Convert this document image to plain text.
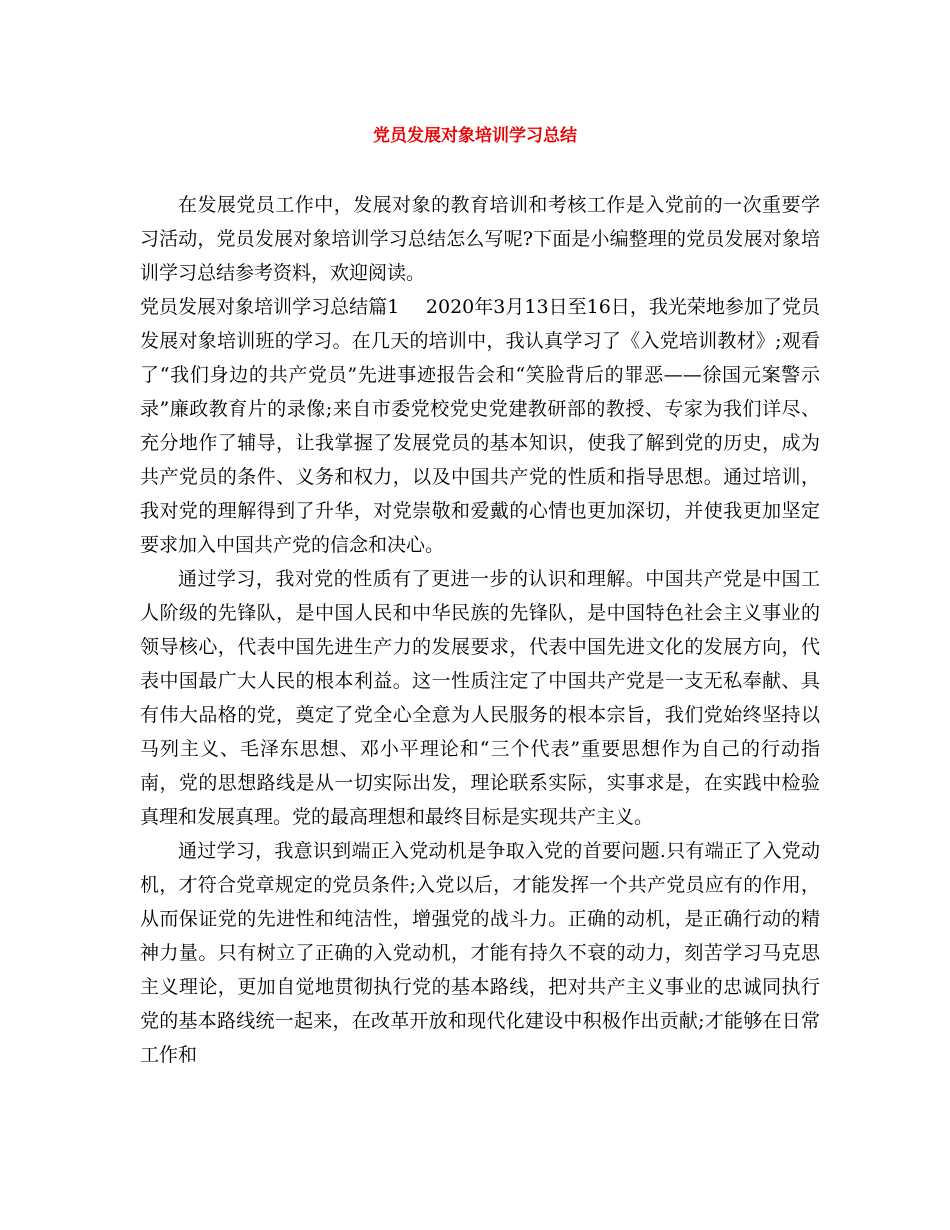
党员发展对象培训学习总结

在发展党员工作中，发展对象的教育培训和考核工作是入党前的一次重要学习活动，党员发展对象培训学习总结怎么写呢?下面是小编整理的党员发展对象培训学习总结参考资料，欢迎阅读。

党员发展对象培训学习总结篇1 2020年3月13日至16日，我光荣地参加了党员发展对象培训班的学习。在几天的培训中，我认真学习了《入党培训教材》;观看了“我们身边的共产党员”先进事迹报告会和“笑脸背后的罪恶——徐国元案警示录”廉政教育片的录像;来自市委党校党史党建教研部的教授、专家为我们详尽、充分地作了辅导，让我掌握了发展党员的基本知识，使我了解到党的历史，成为共产党员的条件、义务和权力，以及中国共产党的性质和指导思想。通过培训，我对党的理解得到了升华，对党崇敬和爱戴的心情也更加深切，并使我更加坚定要求加入中国共产党的信念和决心。

通过学习，我对党的性质有了更进一步的认识和理解。中国共产党是中国工人阶级的先锋队，是中国人民和中华民族的先锋队，是中国特色社会主义事业的领导核心，代表中国先进生产力的发展要求，代表中国先进文化的发展方向，代表中国最广大人民的根本利益。这一性质注定了中国共产党是一支无私奉献、具有伟大品格的党，奠定了党全心全意为人民服务的根本宗旨，我们党始终坚持以马列主义、毛泽东思想、邓小平理论和“三个代表”重要思想作为自己的行动指南，党的思想路线是从一切实际出发，理论联系实际，实事求是，在实践中检验真理和发展真理。党的最高理想和最终目标是实现共产主义。

通过学习，我意识到端正入党动机是争取入党的首要问题.只有端正了入党动机，才符合党章规定的党员条件;入党以后，才能发挥一个共产党员应有的作用，从而保证党的先进性和纯洁性，增强党的战斗力。正确的动机，是正确行动的精神力量。只有树立了正确的入党动机，才能有持久不衰的动力，刻苦学习马克思主义理论，更加自觉地贯彻执行党的基本路线，把对共产主义事业的忠诚同执行党的基本路线统一起来，在改革开放和现代化建设中积极作出贡献;才能够在日常工作和
